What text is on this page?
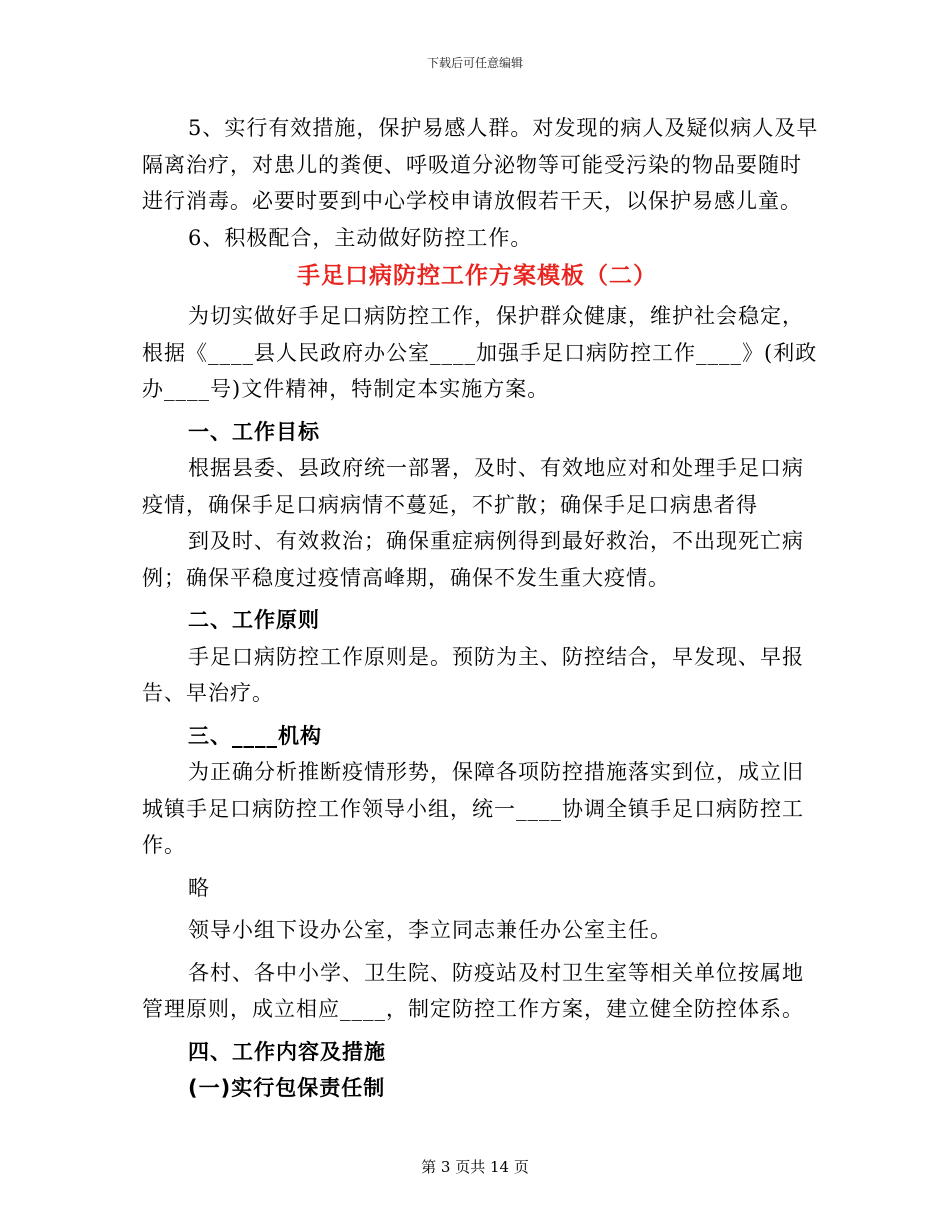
下载后可任意编辑

5、实行有效措施，保护易感人群。对发现的病人及疑似病人及早

隔离治疗，对患儿的粪便、呼吸道分泌物等可能受污染的物品要随时

进行消毒。必要时要到中心学校申请放假若干天，以保护易感儿童。

6、积极配合，主动做好防控工作。

手足口病防控工作方案模板（二）

为切实做好手足口病防控工作，保护群众健康，维护社会稳定，

根据《____县人民政府办公室____加强手足口病防控工作____》(利政

办____号)文件精神，特制定本实施方案。

一、工作目标

根据县委、县政府统一部署，及时、有效地应对和处理手足口病

疫情，确保手足口病病情不蔓延，不扩散；确保手足口病患者得

到及时、有效救治；确保重症病例得到最好救治，不出现死亡病

例；确保平稳度过疫情高峰期，确保不发生重大疫情。

二、工作原则

手足口病防控工作原则是。预防为主、防控结合，早发现、早报

告、早治疗。

三、____机构

为正确分析推断疫情形势，保障各项防控措施落实到位，成立旧

城镇手足口病防控工作领导小组，统一____协调全镇手足口病防控工

作。

略

领导小组下设办公室，李立同志兼任办公室主任。

各村、各中小学、卫生院、防疫站及村卫生室等相关单位按属地

管理原则，成立相应____，制定防控工作方案，建立健全防控体系。

四、工作内容及措施

(一)实行包保责任制

第 3 页共 14 页
